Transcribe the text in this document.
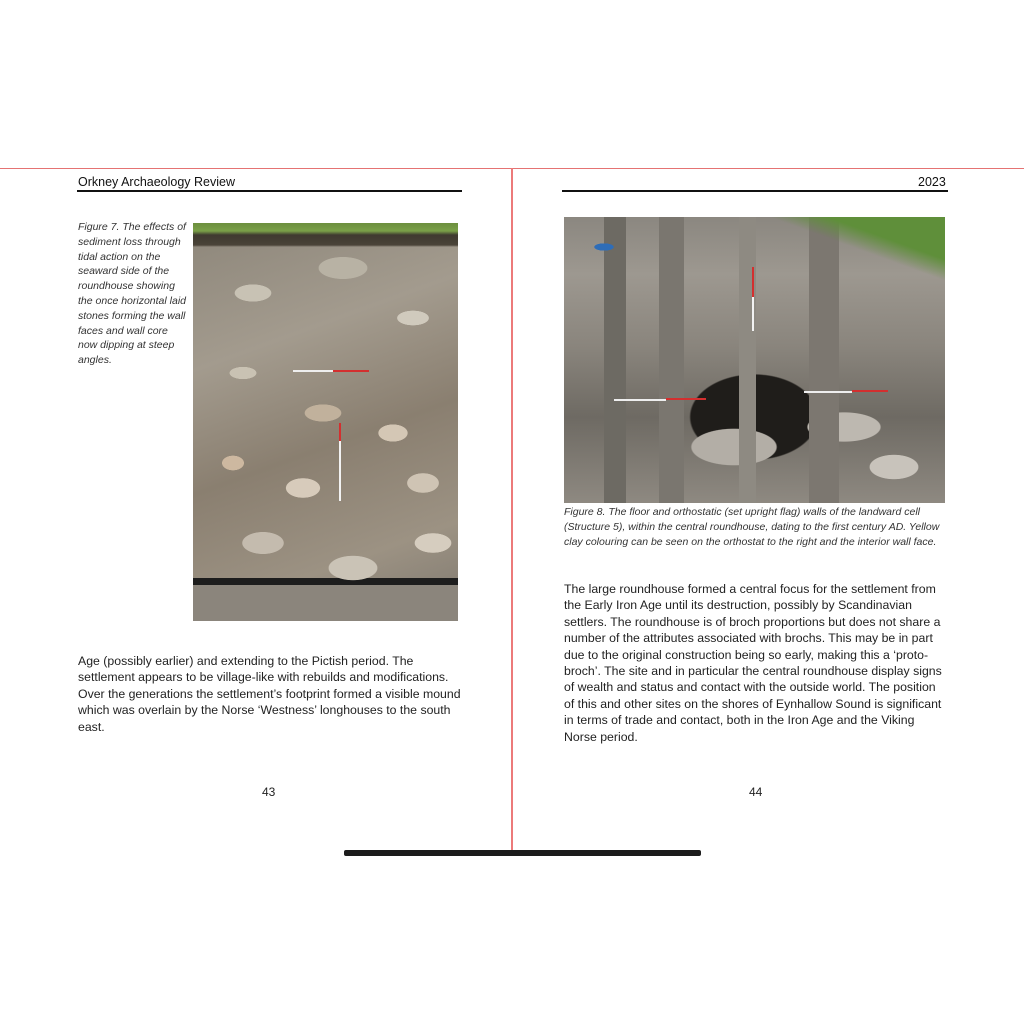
Orkney Archaeology Review
Figure 7. The effects of sediment loss through tidal action on the seaward side of the roundhouse showing the once horizontal laid stones forming the wall faces and wall core now dipping at steep angles.
Age (possibly earlier) and extending to the Pictish period. The settlement appears to be village-like with rebuilds and modifications. Over the generations the settlement’s footprint formed a visible mound which was overlain by the Norse ‘Westness’ longhouses to the south east.
43
2023
Figure 8. The floor and orthostatic (set upright flag) walls of the landward cell (Structure 5), within the central roundhouse, dating to the first century AD. Yellow clay colouring can be seen on the orthostat to the right and the interior wall face.
The large roundhouse formed a central focus for the settlement from the Early Iron Age until its destruction, possibly by Scandinavian settlers. The roundhouse is of broch proportions but does not share a number of the attributes associated with brochs. This may be in part due to the original construction being so early, making this a ‘proto-broch’. The site and in particular the central roundhouse display signs of wealth and status and contact with the outside world. The position of this and other sites on the shores of Eynhallow Sound is significant in terms of trade and contact, both in the Iron Age and the Viking Norse period.
44
